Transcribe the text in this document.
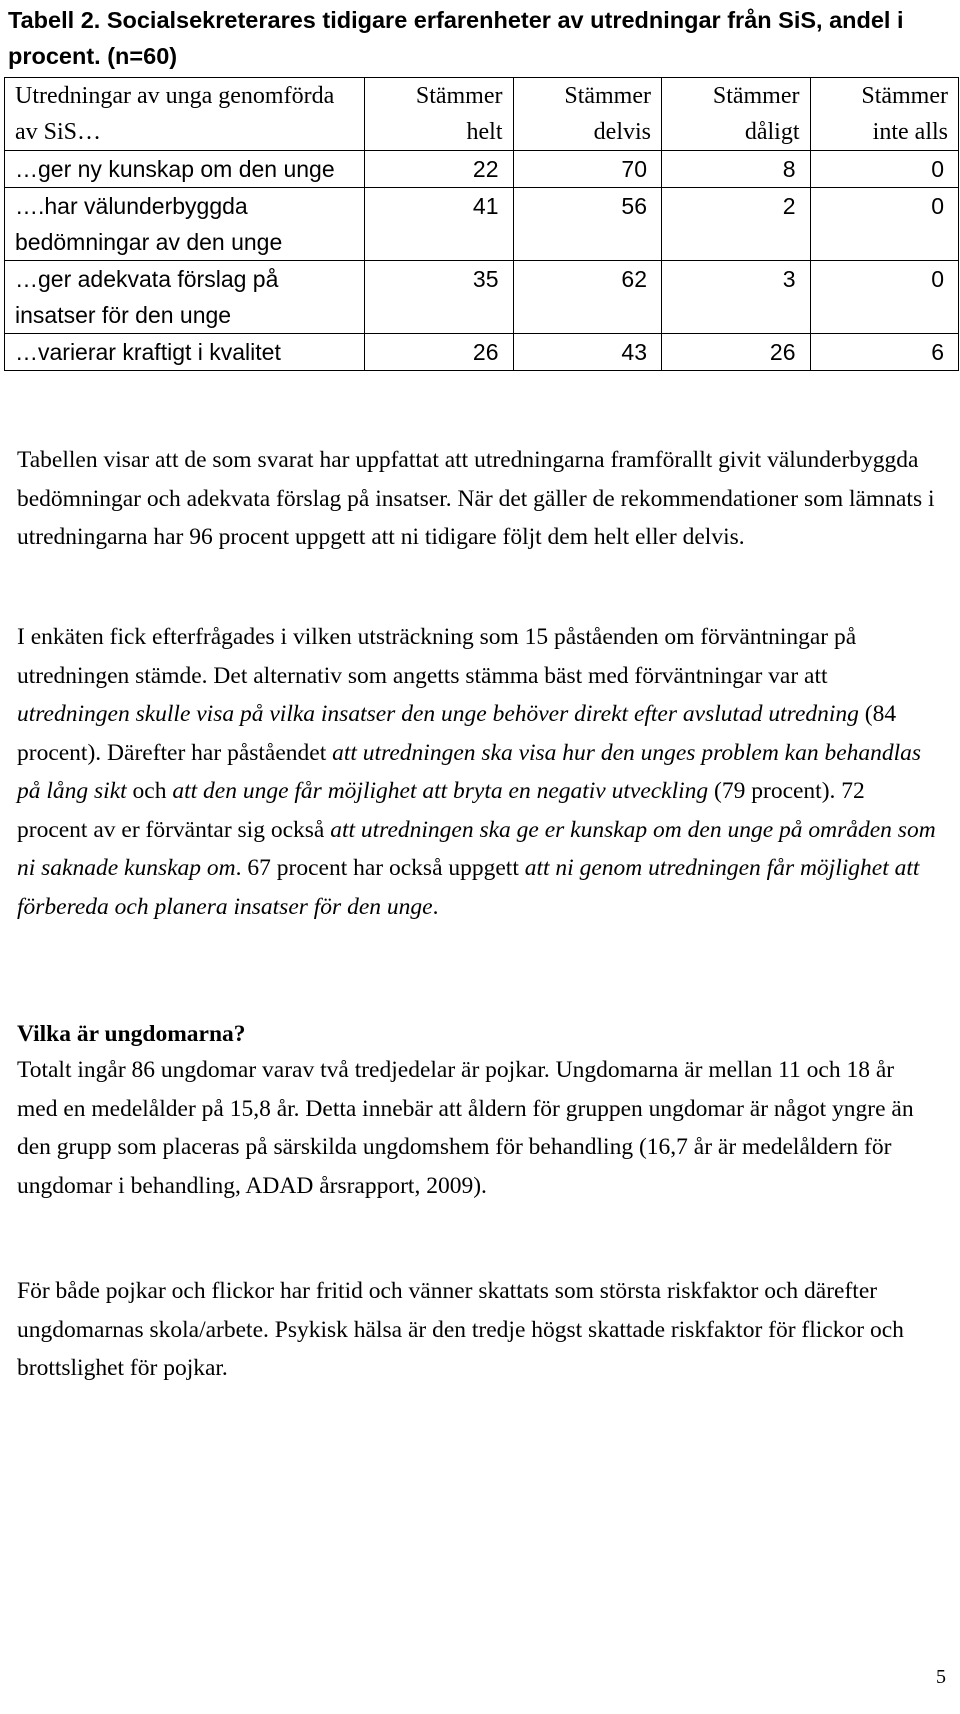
Tabell 2. Socialsekreterares tidigare erfarenheter av utredningar från SiS, andel i procent. (n=60)
Utredningar av unga genomförda av SiS…	Stämmer helt	Stämmer delvis	Stämmer dåligt	Stämmer inte alls
…ger ny kunskap om den unge	22	70	8	0
….har välunderbyggda bedömningar av den unge	41	56	2	0
…ger adekvata förslag på insatser för den unge	35	62	3	0
…varierar kraftigt i kvalitet	26	43	26	6

Tabellen visar att de som svarat har uppfattat att utredningarna framförallt givit välunderbyggda bedömningar och adekvata förslag på insatser. När det gäller de rekommendationer som lämnats i utredningarna har 96 procent uppgett att ni tidigare följt dem helt eller delvis.

I enkäten fick efterfrågades i vilken utsträckning som 15 påståenden om förväntningar på utredningen stämde. Det alternativ som angetts stämma bäst med förväntningar var att utredningen skulle visa på vilka insatser den unge behöver direkt efter avslutad utredning (84 procent). Därefter har påståendet att utredningen ska visa hur den unges problem kan behandlas på lång sikt och att den unge får möjlighet att bryta en negativ utveckling (79 procent). 72 procent av er förväntar sig också att utredningen ska ge er kunskap om den unge på områden som ni saknade kunskap om. 67 procent har också uppgett att ni genom utredningen får möjlighet att förbereda och planera insatser för den unge.

Vilka är ungdomarna?

Totalt ingår 86 ungdomar varav två tredjedelar är pojkar. Ungdomarna är mellan 11 och 18 år med en medelålder på 15,8 år. Detta innebär att åldern för gruppen ungdomar är något yngre än den grupp som placeras på särskilda ungdomshem för behandling (16,7 år är medelåldern för ungdomar i behandling, ADAD årsrapport, 2009).

För både pojkar och flickor har fritid och vänner skattats som största riskfaktor och därefter ungdomarnas skola/arbete. Psykisk hälsa är den tredje högst skattade riskfaktor för flickor och brottslighet för pojkar.

5
